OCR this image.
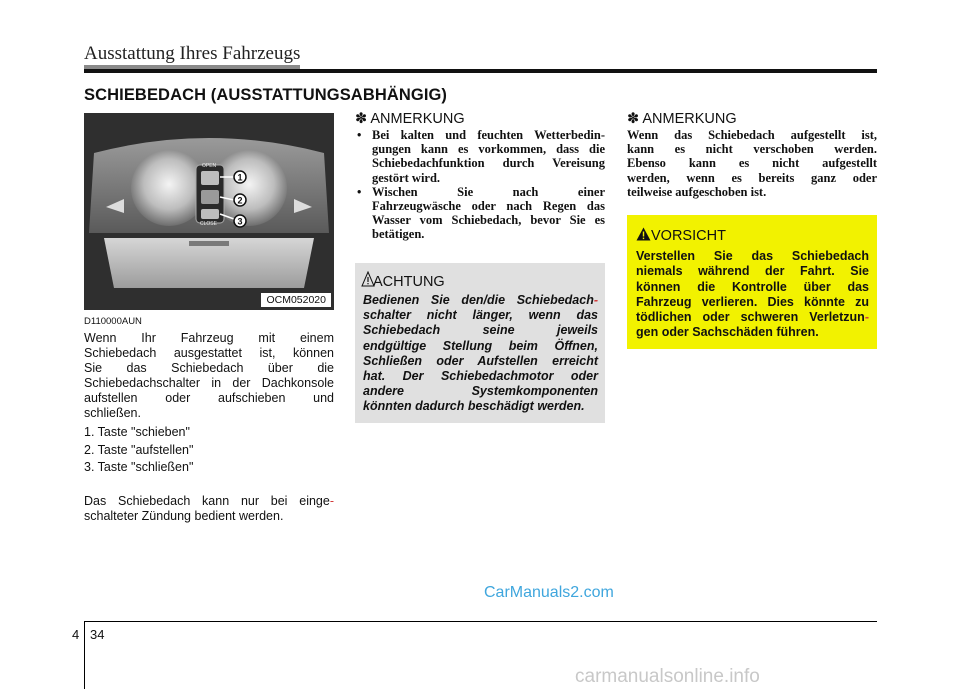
Ausstattung Ihres Fahrzeugs
SCHIEBEDACH (AUSSTATTUNGSABHÄNGIG)
OPEN
CLOSE
1
2
3
OCM052020
D110000AUN
Wenn Ihr Fahrzeug mit einem
Schiebedach ausgestattet ist, können
Sie das Schiebedach über die
Schiebedachschalter in der Dachkonsole
aufstellen oder aufschieben und
schließen.
1. Taste "schieben"
2. Taste "aufstellen"
3. Taste "schließen"
Das Schiebedach kann nur bei einge-
schalteter Zündung bedient werden.
✽ ANMERKUNG
• Bei kalten und feuchten Wetterbedin-
gungen kann es vorkommen, dass die
Schiebedachfunktion durch Vereisung
gestört wird.
• Wischen Sie nach einer
Fahrzeugwäsche oder nach Regen das
Wasser vom Schiebedach, bevor Sie es
betätigen.
ACHTUNG
Bedienen Sie den/die Schiebedach-
schalter nicht länger, wenn das
Schiebedach seine jeweils
endgültige Stellung beim Öffnen,
Schließen oder Aufstellen erreicht
hat. Der Schiebedachmotor oder
andere Systemkomponenten
könnten dadurch beschädigt werden.
✽ ANMERKUNG
Wenn das Schiebedach aufgestellt ist,
kann es nicht verschoben werden.
Ebenso kann es nicht aufgestellt
werden, wenn es bereits ganz oder
teilweise aufgeschoben ist.
VORSICHT
Verstellen Sie das Schiebedach
niemals während der Fahrt. Sie
können die Kontrolle über das
Fahrzeug verlieren. Dies könnte zu
tödlichen oder schweren Verletzun-
gen oder Sachschäden führen.
CarManuals2.com
4 34
carmanualsonline.info
